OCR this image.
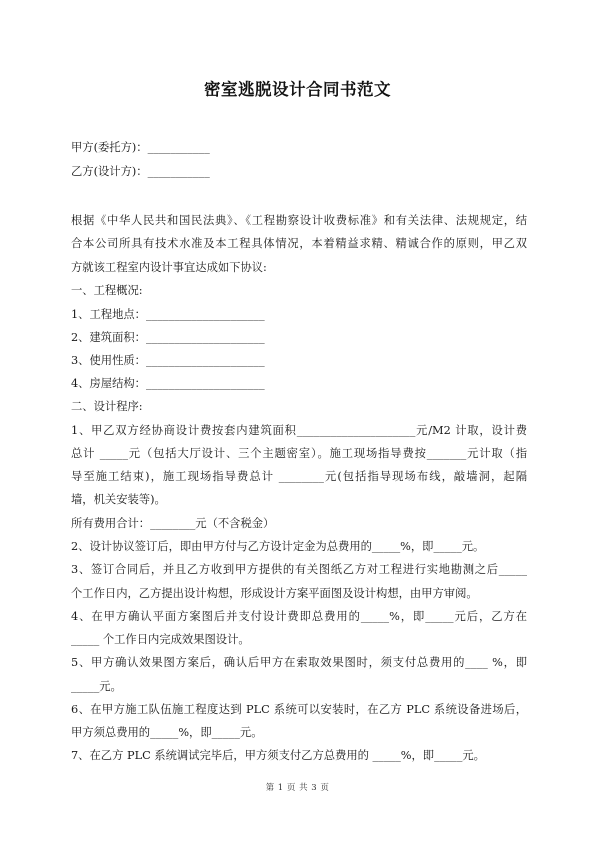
密室逃脱设计合同书范文
甲方(委托方)：___________
乙方(设计方)：___________
根据《中华人民共和国民法典》、《工程勘察设计收费标准》和有关法律、法规规定，结
合本公司所具有技术水准及本工程具体情况，本着精益求精、精诚合作的原则，甲乙双
方就该工程室内设计事宜达成如下协议:
一、工程概况:
1、工程地点：_____________________
2、建筑面积：_____________________
3、使用性质：_____________________
4、房屋结构：_____________________
二、设计程序:
1、甲乙双方经协商设计费按套内建筑面积_____________________元/M2 计取，设计费
总计 _____元（包括大厅设计、三个主题密室）。施工现场指导费按_______元计取（指
导至施工结束)，施工现场指导费总计 ________元(包括指导现场布线，敲墙洞，起隔
墙，机关安装等)。
所有费用合计：________元（不含税金）
2、设计协议签订后，即由甲方付与乙方设计定金为总费用的_____%，即_____元。
3、签订合同后，并且乙方收到甲方提供的有关图纸乙方对工程进行实地勘测之后_____
个工作日内，乙方提出设计构想，形成设计方案平面图及设计构想，由甲方审阅。
4、在甲方确认平面方案图后并支付设计费即总费用的_____%，即_____元后，乙方在
_____ 个工作日内完成效果图设计。
5、甲方确认效果图方案后，确认后甲方在索取效果图时，须支付总费用的____ %，即
_____元。
6、在甲方施工队伍施工程度达到 PLC 系统可以安装时，在乙方 PLC 系统设备进场后，
甲方须总费用的_____%，即_____元。
7、在乙方 PLC 系统调试完毕后，甲方须支付乙方总费用的 _____%，即_____元。
第 1 页 共 3 页
